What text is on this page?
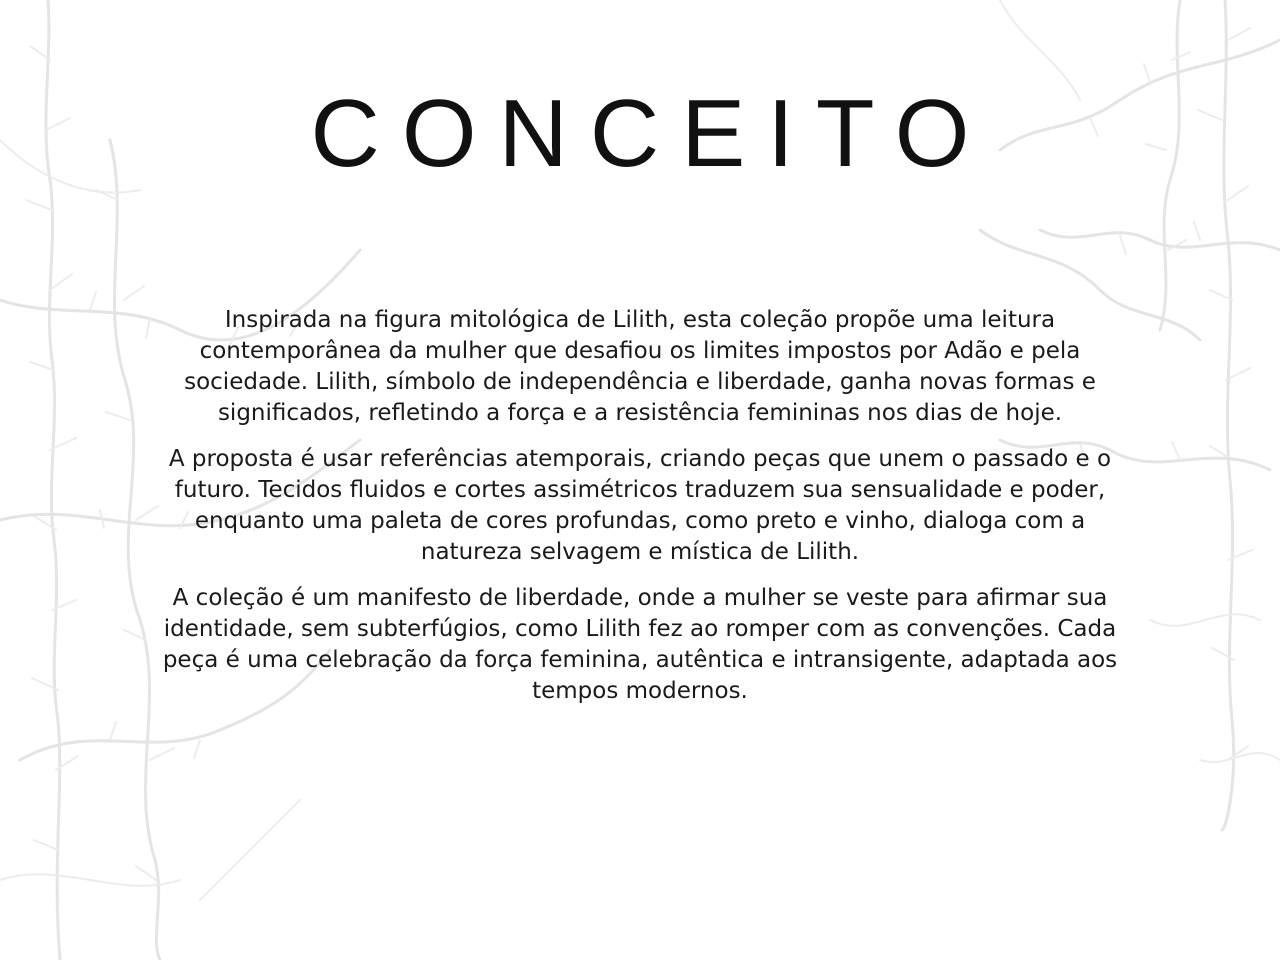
CONCEITO

Inspirada na figura mitológica de Lilith, esta coleção propõe uma leitura contemporânea da mulher que desafiou os limites impostos por Adão e pela sociedade. Lilith, símbolo de independência e liberdade, ganha novas formas e significados, refletindo a força e a resistência femininas nos dias de hoje.

A proposta é usar referências atemporais, criando peças que unem o passado e o futuro. Tecidos fluidos e cortes assimétricos traduzem sua sensualidade e poder, enquanto uma paleta de cores profundas, como preto e vinho, dialoga com a natureza selvagem e mística de Lilith.

A coleção é um manifesto de liberdade, onde a mulher se veste para afirmar sua identidade, sem subterfúgios, como Lilith fez ao romper com as convenções. Cada peça é uma celebração da força feminina, autêntica e intransigente, adaptada aos tempos modernos.
